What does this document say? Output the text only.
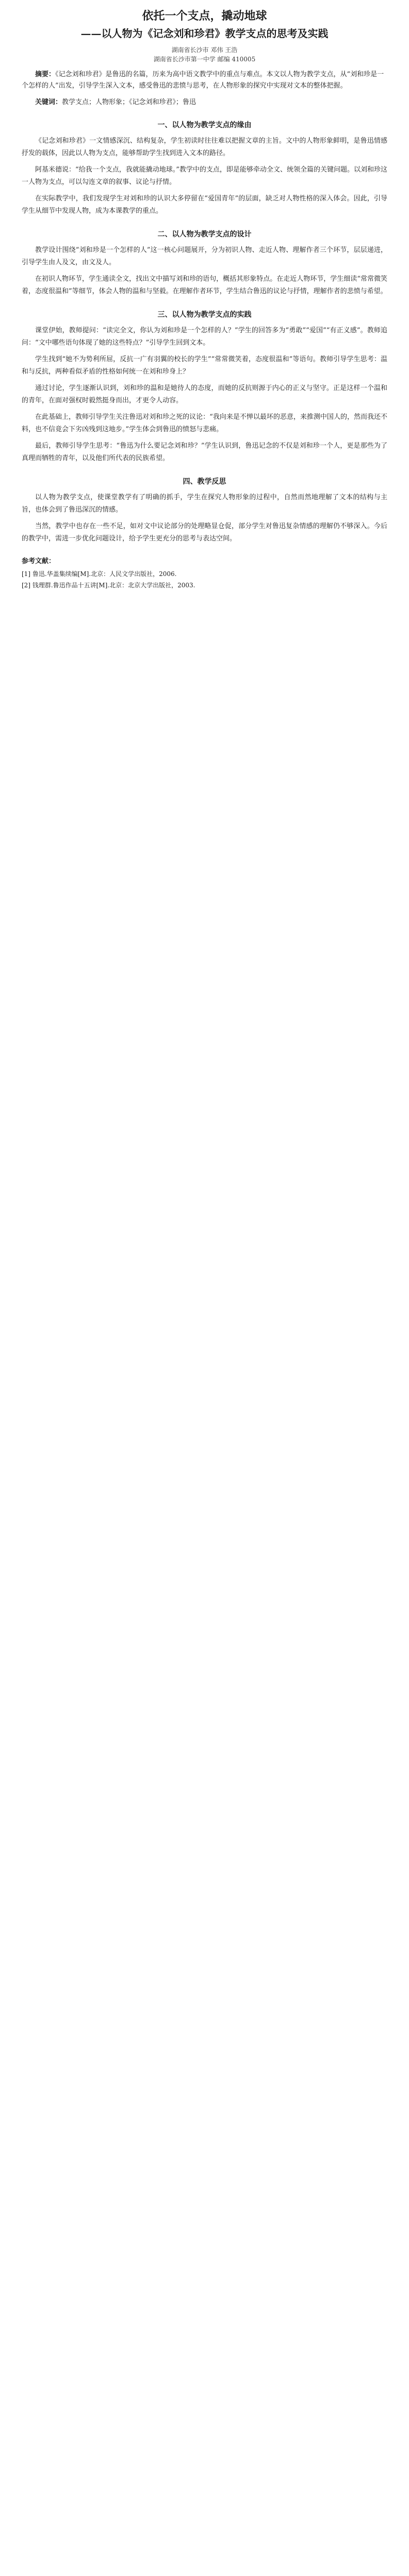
依托一个支点，撬动地球
——以人物为《记念刘和珍君》教学支点的思考及实践

湖南省长沙市 邓伟 王浩

湖南省长沙市第一中学 邮编 410005

摘要：《记念刘和珍君》是鲁迅的名篇，历来为高中语文教学中的重点与难点。本文以人物为教学支点，从“刘和珍是一个怎样的人”出发，引导学生深入文本，感受鲁迅的悲愤与思考，在人物形象的探究中实现对文本的整体把握。

关键词：教学支点；人物形象；《记念刘和珍君》；鲁迅

一、以人物为教学支点的缘由

《记念刘和珍君》一文情感深沉、结构复杂，学生初读时往往难以把握文章的主旨。文中的人物形象鲜明，是鲁迅情感抒发的载体，因此以人物为支点，能够帮助学生找到进入文本的路径。

阿基米德说：“给我一个支点，我就能撬动地球。”教学中的支点，即是能够牵动全文、统领全篇的关键问题。以刘和珍这一人物为支点，可以勾连文章的叙事、议论与抒情。

在实际教学中，我们发现学生对刘和珍的认识大多停留在“爱国青年”的层面，缺乏对人物性格的深入体会。因此，引导学生从细节中发现人物，成为本课教学的重点。

二、以人物为教学支点的设计

教学设计围绕“刘和珍是一个怎样的人”这一核心问题展开，分为初识人物、走近人物、理解作者三个环节，层层递进，引导学生由人及文，由文及人。

在初识人物环节，学生通读全文，找出文中描写刘和珍的语句，概括其形象特点。在走近人物环节，学生细读“常常微笑着，态度很温和”等细节，体会人物的温和与坚毅。在理解作者环节，学生结合鲁迅的议论与抒情，理解作者的悲愤与希望。

三、以人物为教学支点的实践

课堂伊始，教师提问：“读完全文，你认为刘和珍是一个怎样的人？”学生的回答多为“勇敢”“爱国”“有正义感”。教师追问：“文中哪些语句体现了她的这些特点？”引导学生回到文本。

学生找到“她不为势利所屈，反抗一广有羽翼的校长的学生”“常常微笑着，态度很温和”等语句。教师引导学生思考：温和与反抗，两种看似矛盾的性格如何统一在刘和珍身上？

通过讨论，学生逐渐认识到，刘和珍的温和是她待人的态度，而她的反抗则源于内心的正义与坚守。正是这样一个温和的青年，在面对强权时毅然挺身而出，才更令人动容。

在此基础上，教师引导学生关注鲁迅对刘和珍之死的议论：“我向来是不惮以最坏的恶意，来推测中国人的，然而我还不料，也不信竟会下劣凶残到这地步。”学生体会到鲁迅的愤怒与悲痛。

最后，教师引导学生思考：“鲁迅为什么要记念刘和珍？”学生认识到，鲁迅记念的不仅是刘和珍一个人，更是那些为了真理而牺牲的青年，以及他们所代表的民族希望。

四、教学反思

以人物为教学支点，使课堂教学有了明确的抓手，学生在探究人物形象的过程中，自然而然地理解了文本的结构与主旨，也体会到了鲁迅深沉的情感。

当然，教学中也存在一些不足，如对文中议论部分的处理略显仓促，部分学生对鲁迅复杂情感的理解仍不够深入。今后的教学中，需进一步优化问题设计，给予学生更充分的思考与表达空间。

参考文献：

[1] 鲁迅.华盖集续编[M].北京：人民文学出版社，2006.

[2] 钱理群.鲁迅作品十五讲[M].北京：北京大学出版社，2003.
